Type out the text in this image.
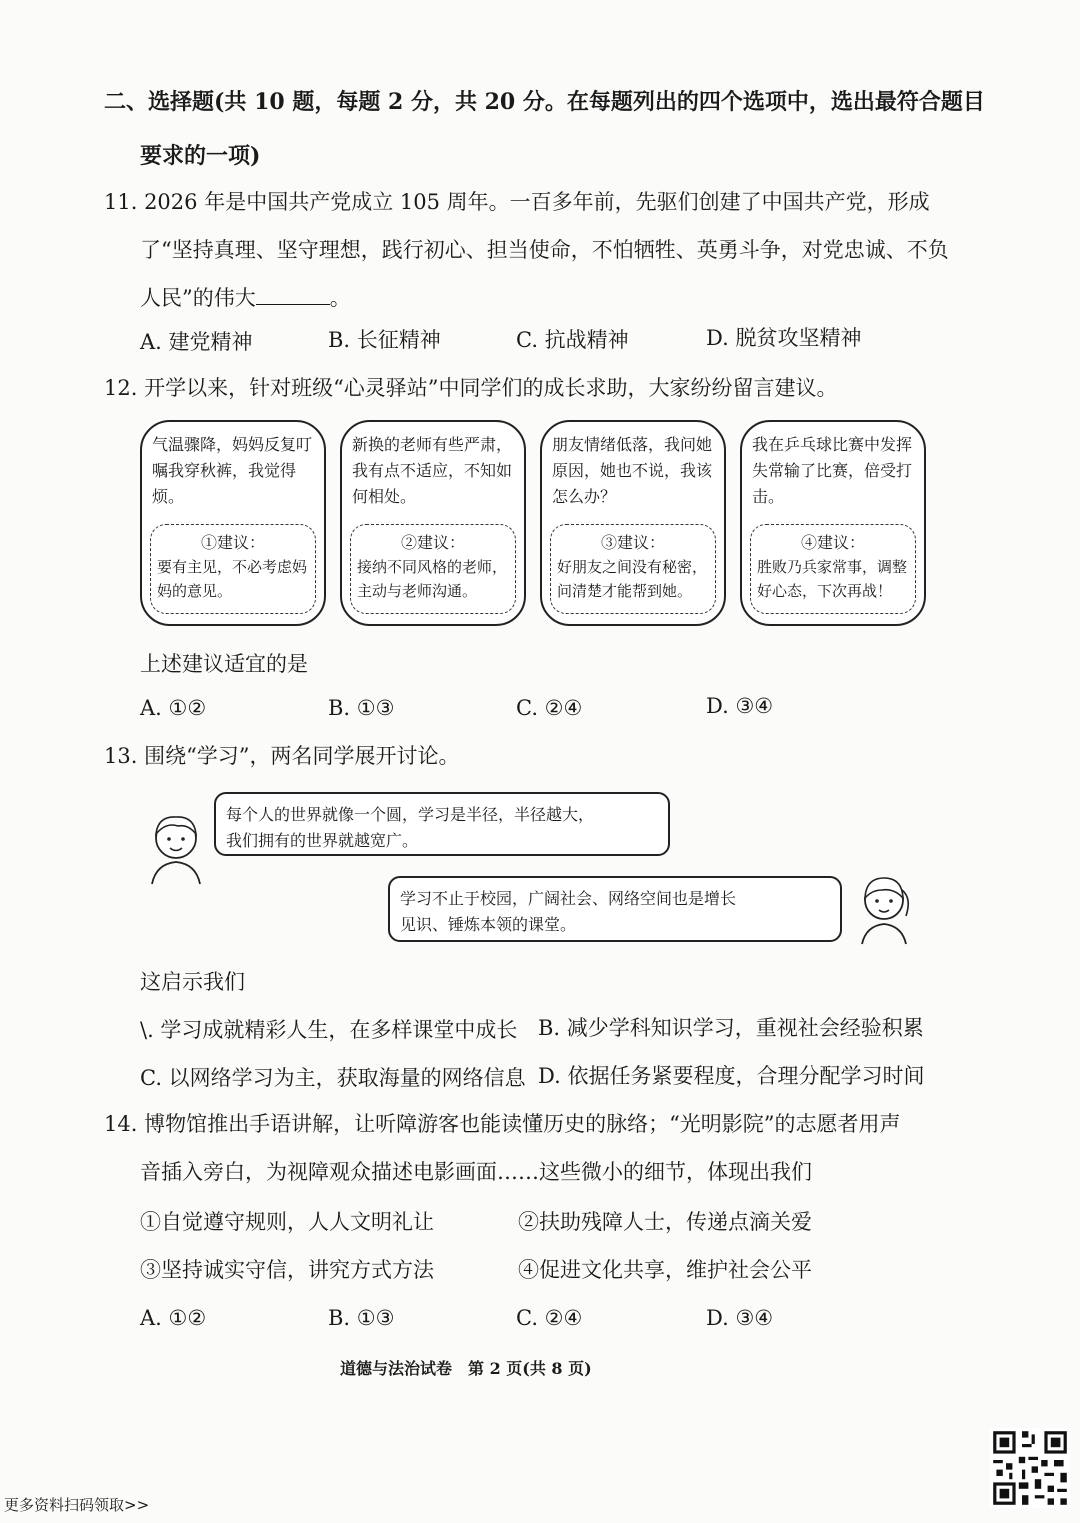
二、选择题(共 10 题，每题 2 分，共 20 分。在每题列出的四个选项中，选出最符合题目
要求的一项)
11. 2026 年是中国共产党成立 105 周年。一百多年前，先驱们创建了中国共产党，形成
了“坚持真理、坚守理想，践行初心、担当使命，不怕牺牲、英勇斗争，对党忠诚、不负
人民”的伟大	。
A. 建党精神	B. 长征精神	C. 抗战精神	D. 脱贫攻坚精神
12. 开学以来，针对班级“心灵驿站”中同学们的成长求助，大家纷纷留言建议。
气温骤降，妈妈反复叮嘱我穿秋裤，我觉得烦。
①建议：
要有主见，不必考虑妈妈的意见。
新换的老师有些严肃，我有点不适应，不知如何相处。
②建议：
接纳不同风格的老师，主动与老师沟通。
朋友情绪低落，我问她原因，她也不说，我该怎么办？
③建议：
好朋友之间没有秘密，问清楚才能帮到她。
我在乒乓球比赛中发挥失常输了比赛，倍受打击。
④建议：
胜败乃兵家常事，调整好心态，下次再战！
上述建议适宜的是
A. ①②	B. ①③	C. ②④	D. ③④
13. 围绕“学习”，两名同学展开讨论。
每个人的世界就像一个圆，学习是半径，半径越大，
我们拥有的世界就越宽广。
学习不止于校园，广阔社会、网络空间也是增长
见识、锤炼本领的课堂。
这启示我们
\. 学习成就精彩人生，在多样课堂中成长 B. 减少学科知识学习，重视社会经验积累
C. 以网络学习为主，获取海量的网络信息 D. 依据任务紧要程度，合理分配学习时间
14. 博物馆推出手语讲解，让听障游客也能读懂历史的脉络；“光明影院”的志愿者用声
音插入旁白，为视障观众描述电影画面……这些微小的细节，体现出我们
①自觉遵守规则，人人文明礼让	②扶助残障人士，传递点滴关爱
③坚持诚实守信，讲究方式方法	④促进文化共享，维护社会公平
A. ①②	B. ①③	C. ②④	D. ③④
道德与法治试卷　第 2 页(共 8 页)
更多资料扫码领取>>
